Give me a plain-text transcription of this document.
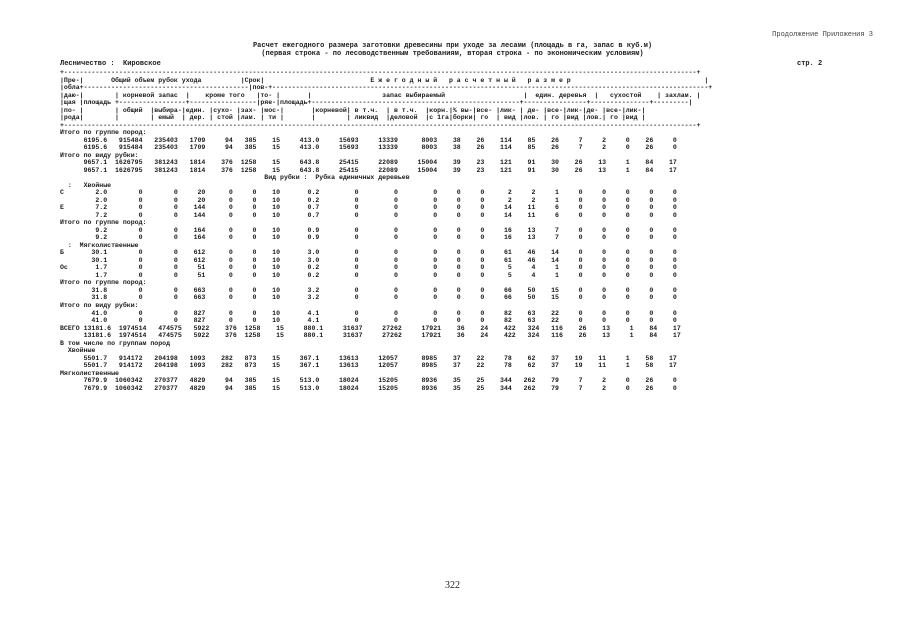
Продолжение Приложения 3
Расчет ежегодного размера заготовки древесины при уходе за лесами (площадь в га, запас в куб.м)
(первая строка - по лесоводственным требованиям, вторая строка - по экономическим условиям)
Лесничество :  Кировское	стр. 2
+-----------------------------------------------------------------------------------------------------------------------------------------------------------------+
|Пре-|       Общий объем рубок ухода          |Срок|                           Е ж е г о д н ы й   р а с ч е т н ы й   р а з м е р                                  |
|обла+------------------------------------------|пов-+---------------------------------------------------------------------------------------------------------------+
|даю-|        | корневой запас  |    кроме того   |то- |       |                  запас выбираемый                    |  един. деревья  |   сухостой    | захлам. |
|щая |площадь +-----------------+-----------------|ряе-|площадь+-----------------------------------------------------+----------------+---------------+---------|
|по- |        | общий  |выбира-|един. |сухо- |зах- |мос-|       |корневой| в т.ч.  | в т.ч.  |корн.|% вы-|все- |лик- | де- |все-|лик-|де- |все-|лик-|
|рода|        |        | емый  | дер. | стой |лам. | ти |       |        | ликвид  |деловой  |с 1га|борки| го  | вид |лов. | го |вид |лов.| го |вид |
+-----------------------------------------------------------------------------------------------------------------------------------------------------------------+
Итого по группе пород:
6195.6   915484   235403   1709     94   385    15     413.0     15693     13339      8003    38    26    114    85    26     7     2     0    26     0
6195.6   915484   235403   1709     94   385    15     413.0     15693     13339      8003    38    26    114    85    26     7     2     0    26     0
Итого по виду рубки:
9657.1  1626795   381243   1814    376  1258    15     643.8     25415     22089     15004    39    23    121    91    30    26    13     1    84    17
9657.1  1626795   381243   1814    376  1258    15     643.8     25415     22089     15004    39    23    121    91    30    26    13     1    84    17
Вид рубки :  Рубка единичных деревьев
:   Хвойные
С        2.0        0        0     20      0     0    10       0.2         0         0         0     0     0      2     2     1     0     0     0     0     0
2.0        0        0     20      0     0    10       0.2         0         0         0     0     0      2     2     1     0     0     0     0     0
Е        7.2        0        0    144      0     0    10       0.7         0         0         0     0     0     14    11     6     0     0     0     0     0
7.2        0        0    144      0     0    10       0.7         0         0         0     0     0     14    11     6     0     0     0     0     0
Итого по группе пород:
9.2        0        0    164      0     0    10       0.9         0         0         0     0     0     16    13     7     0     0     0     0     0
9.2        0        0    164      0     0    10       0.9         0         0         0     0     0     16    13     7     0     0     0     0     0
:  Мягколиственные
Б       30.1        0        0    612      0     0    10       3.0         0         0         0     0     0     61    46    14     0     0     0     0     0
30.1        0        0    612      0     0    10       3.0         0         0         0     0     0     61    46    14     0     0     0     0     0
Ос       1.7        0        0     51      0     0    10       0.2         0         0         0     0     0      5     4     1     0     0     0     0     0
1.7        0        0     51      0     0    10       0.2         0         0         0     0     0      5     4     1     0     0     0     0     0
Итого по группе пород:
31.8        0        0    663      0     0    10       3.2         0         0         0     0     0     66    50    15     0     0     0     0     0
31.8        0        0    663      0     0    10       3.2         0         0         0     0     0     66    50    15     0     0     0     0     0
Итого по виду рубки:
41.0        0        0    827      0     0    10       4.1         0         0         0     0     0     82    63    22     0     0     0     0     0
41.0        0        0    827      0     0    10       4.1         0         0         0     0     0     82    63    22     0     0     0     0     0
ВСЕГО 13181.6  1974514   474575   5922    376  1258    15     880.1     31637     27262     17921    36    24    422   324   116    26    13     1    84    17
13181.6  1974514   474575   5922    376  1258    15     880.1     31637     27262     17921    36    24    422   324   116    26    13     1    84    17
В том числе по группам пород
Хвойные
5501.7   914172   204198   1093    282   873    15     367.1     13613     12057      8985    37    22     78    62    37    19    11     1    58    17
5501.7   914172   204198   1093    282   873    15     367.1     13613     12057      8985    37    22     78    62    37    19    11     1    58    17
Мягколиственные
7679.9  1060342   270377   4829     94   385    15     513.0     18024     15205      8936    35    25    344   262    79     7     2     0    26     0
7679.9  1060342   270377   4829     94   385    15     513.0     18024     15205      8936    35    25    344   262    79     7     2     0    26     0
322
